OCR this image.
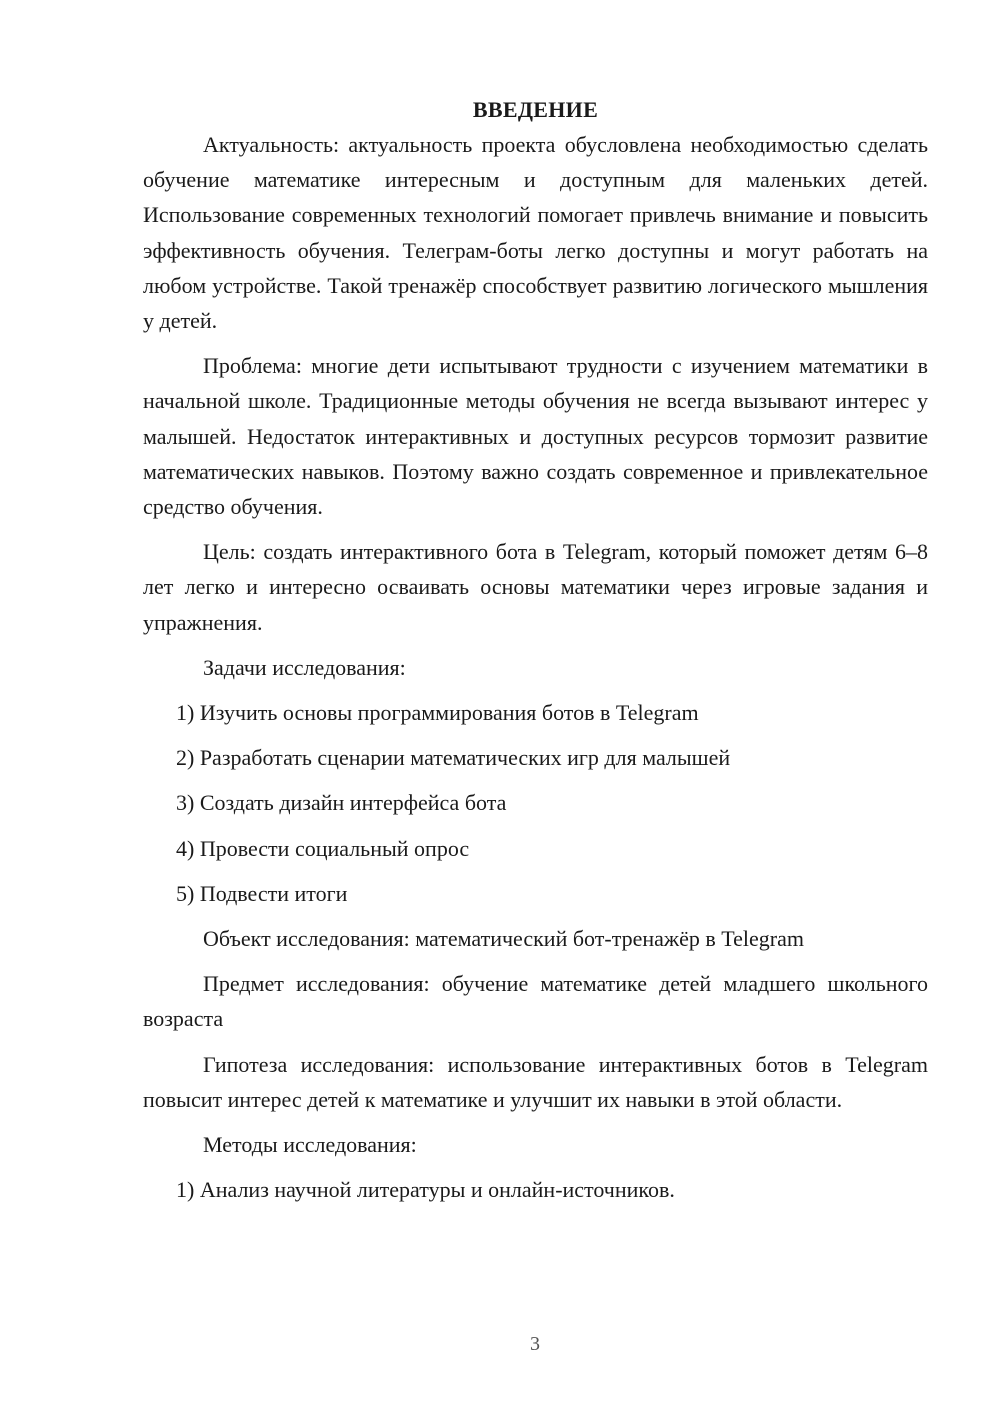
ВВЕДЕНИЕ

Актуальность: актуальность проекта обусловлена необходимостью сделать обучение математике интересным и доступным для маленьких детей. Использование современных технологий помогает привлечь внимание и повысить эффективность обучения. Телеграм-боты легко доступны и могут работать на любом устройстве. Такой тренажёр способствует развитию логического мышления у детей.

Проблема: многие дети испытывают трудности с изучением математики в начальной школе. Традиционные методы обучения не всегда вызывают интерес у малышей. Недостаток интерактивных и доступных ресурсов тормозит развитие математических навыков. Поэтому важно создать современное и привлекательное средство обучения.

Цель: создать интерактивного бота в Telegram, который поможет детям 6–8 лет легко и интересно осваивать основы математики через игровые задания и упражнения.

Задачи исследования:

1) Изучить основы программирования ботов в Telegram

2) Разработать сценарии математических игр для малышей

3) Создать дизайн интерфейса бота

4) Провести социальный опрос

5) Подвести итоги

Объект исследования: математический бот-тренажёр в Telegram

Предмет исследования: обучение математике детей младшего школьного возраста

Гипотеза исследования: использование интерактивных ботов в Telegram повысит интерес детей к математике и улучшит их навыки в этой области.

Методы исследования:

1) Анализ научной литературы и онлайн-источников.

3
